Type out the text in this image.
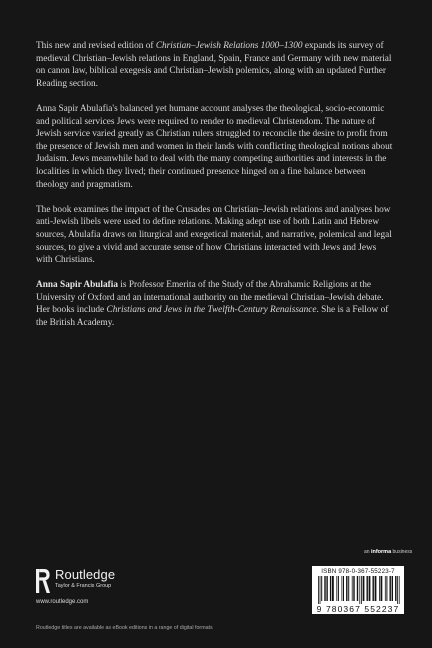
This new and revised edition of Christian–Jewish Relations 1000–1300 expands its survey of medieval Christian–Jewish relations in England, Spain, France and Germany with new material on canon law, biblical exegesis and Christian–Jewish polemics, along with an updated Further Reading section.

Anna Sapir Abulafia's balanced yet humane account analyses the theological, socio-economic and political services Jews were required to render to medieval Christendom. The nature of Jewish service varied greatly as Christian rulers struggled to reconcile the desire to profit from the presence of Jewish men and women in their lands with conflicting theological notions about Judaism. Jews meanwhile had to deal with the many competing authorities and interests in the localities in which they lived; their continued presence hinged on a fine balance between theology and pragmatism.

The book examines the impact of the Crusades on Christian–Jewish relations and analyses how anti-Jewish libels were used to define relations. Making adept use of both Latin and Hebrew sources, Abulafia draws on liturgical and exegetical material, and narrative, polemical and legal sources, to give a vivid and accurate sense of how Christians interacted with Jews and Jews with Christians.

Anna Sapir Abulafia is Professor Emerita of the Study of the Abrahamic Religions at the University of Oxford and an international authority on the medieval Christian–Jewish debate. Her books include Christians and Jews in the Twelfth-Century Renaissance. She is a Fellow of the British Academy.

an informa business
Routledge
Taylor & Francis Group
www.routledge.com
ISBN 978-0-367-55223-7
9 780367 552237
Routledge titles are available as eBook editions in a range of digital formats
